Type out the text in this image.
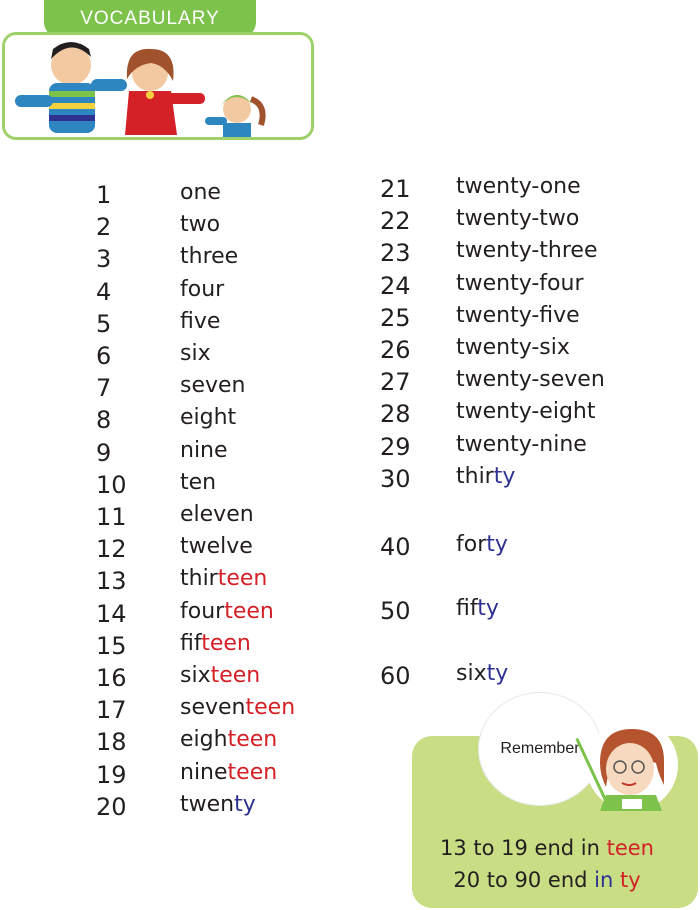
VOCABULARY
1	one
2	two
3	three
4	four
5	five
6	six
7	seven
8	eight
9	nine
10 ten
11 eleven
12 twelve
13 thirteen
14 fourteen
15 fifteen
16 sixteen
17 seventeen
18 eighteen
19 nineteen
20 twenty
21 twenty-one
22 twenty-two
23 twenty-three
24 twenty-four
25 twenty-five
26 twenty-six
27 twenty-seven
28 twenty-eight
29 twenty-nine
30 thirty
40 forty
50 fifty
60 sixty
Remember
13 to 19 end in teen
20 to 90 end in ty
